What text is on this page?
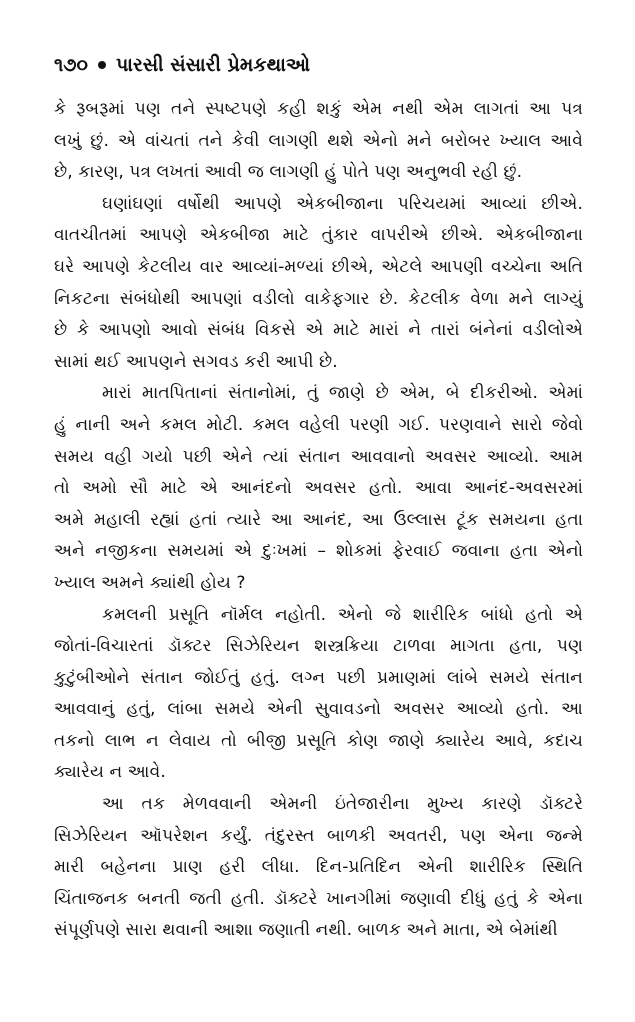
૧૭૦ પારસી સંસારી પ્રેમકથાઓ
કે રૂબરૂમાં પણ તને સ્પષ્ટપણે કહી શકું એમ નથી એમ લાગતાં આ પત્ર
લખું છું. એ વાંચતાં તને કેવી લાગણી થશે એનો મને બરોબર ખ્યાલ આવે
છે, કારણ, પત્ર લખતાં આવી જ લાગણી હું પોતે પણ અનુભવી રહી છું.
ઘણાંઘણાં વર્ષોથી આપણે એકબીજાના પરિચયમાં આવ્યાં છીએ.
વાતચીતમાં આપણે એકબીજા માટે તુંકાર વાપરીએ છીએ. એકબીજાના
ઘરે આપણે કેટલીય વાર આવ્યાં-મળ્યાં છીએ, એટલે આપણી વચ્ચેના અતિ
નિકટના સંબંધોથી આપણાં વડીલો વાકેફગાર છે. કેટલીક વેળા મને લાગ્યું
છે કે આપણો આવો સંબંધ વિકસે એ માટે મારાં ને તારાં બંનેનાં વડીલોએ
સામાં થઈ આપણને સગવડ કરી આપી છે.
મારાં માતપિતાનાં સંતાનોમાં, તું જાણે છે એમ, બે દીકરીઓ. એમાં
હું નાની અને કમલ મોટી. કમલ વહેલી પરણી ગઈ. પરણવાને સારો જેવો
સમય વહી ગયો પછી એને ત્યાં સંતાન આવવાનો અવસર આવ્યો. આમ
તો અમો સૌ માટે એ આનંદનો અવસર હતો. આવા આનંદ-અવસરમાં
અમે મહાલી રહ્યાં હતાં ત્યારે આ આનંદ, આ ઉલ્લાસ ટૂંક સમયના હતા
અને નજીકના સમયમાં એ દુઃખમાં – શોકમાં ફેરવાઈ જવાના હતા એનો
ખ્યાલ અમને ક્યાંથી હોય ?
કમલની પ્રસૂતિ નૉર્મલ નહોતી. એનો જે શારીરિક બાંધો હતો એ
જોતાં-વિચારતાં ડૉક્ટર સિઝેરિયન શસ્ત્રક્રિયા ટાળવા માગતા હતા, પણ
કુટુંબીઓને સંતાન જોઈતું હતું. લગ્ન પછી પ્રમાણમાં લાંબે સમયે સંતાન
આવવાનું હતું, લાંબા સમયે એની સુવાવડનો અવસર આવ્યો હતો. આ
તકનો લાભ ન લેવાય તો બીજી પ્રસૂતિ કોણ જાણે ક્યારેય આવે, કદાચ
ક્યારેય ન આવે.
આ તક મેળવવાની એમની ઇંતેજારીના મુખ્ય કારણે ડૉક્ટરે
સિઝેરિયન ઑપરેશન કર્યું. તંદુરસ્ત બાળકી અવતરી, પણ એના જન્મે
મારી બહેનના પ્રાણ હરી લીધા. દિન-પ્રતિદિન એની શારીરિક સ્થિતિ
ચિંતાજનક બનતી જતી હતી. ડૉક્ટરે ખાનગીમાં જણાવી દીધું હતું કે એના
સંપૂર્ણપણે સારા થવાની આશા જણાતી નથી. બાળક અને માતા, એ બેમાંથી
